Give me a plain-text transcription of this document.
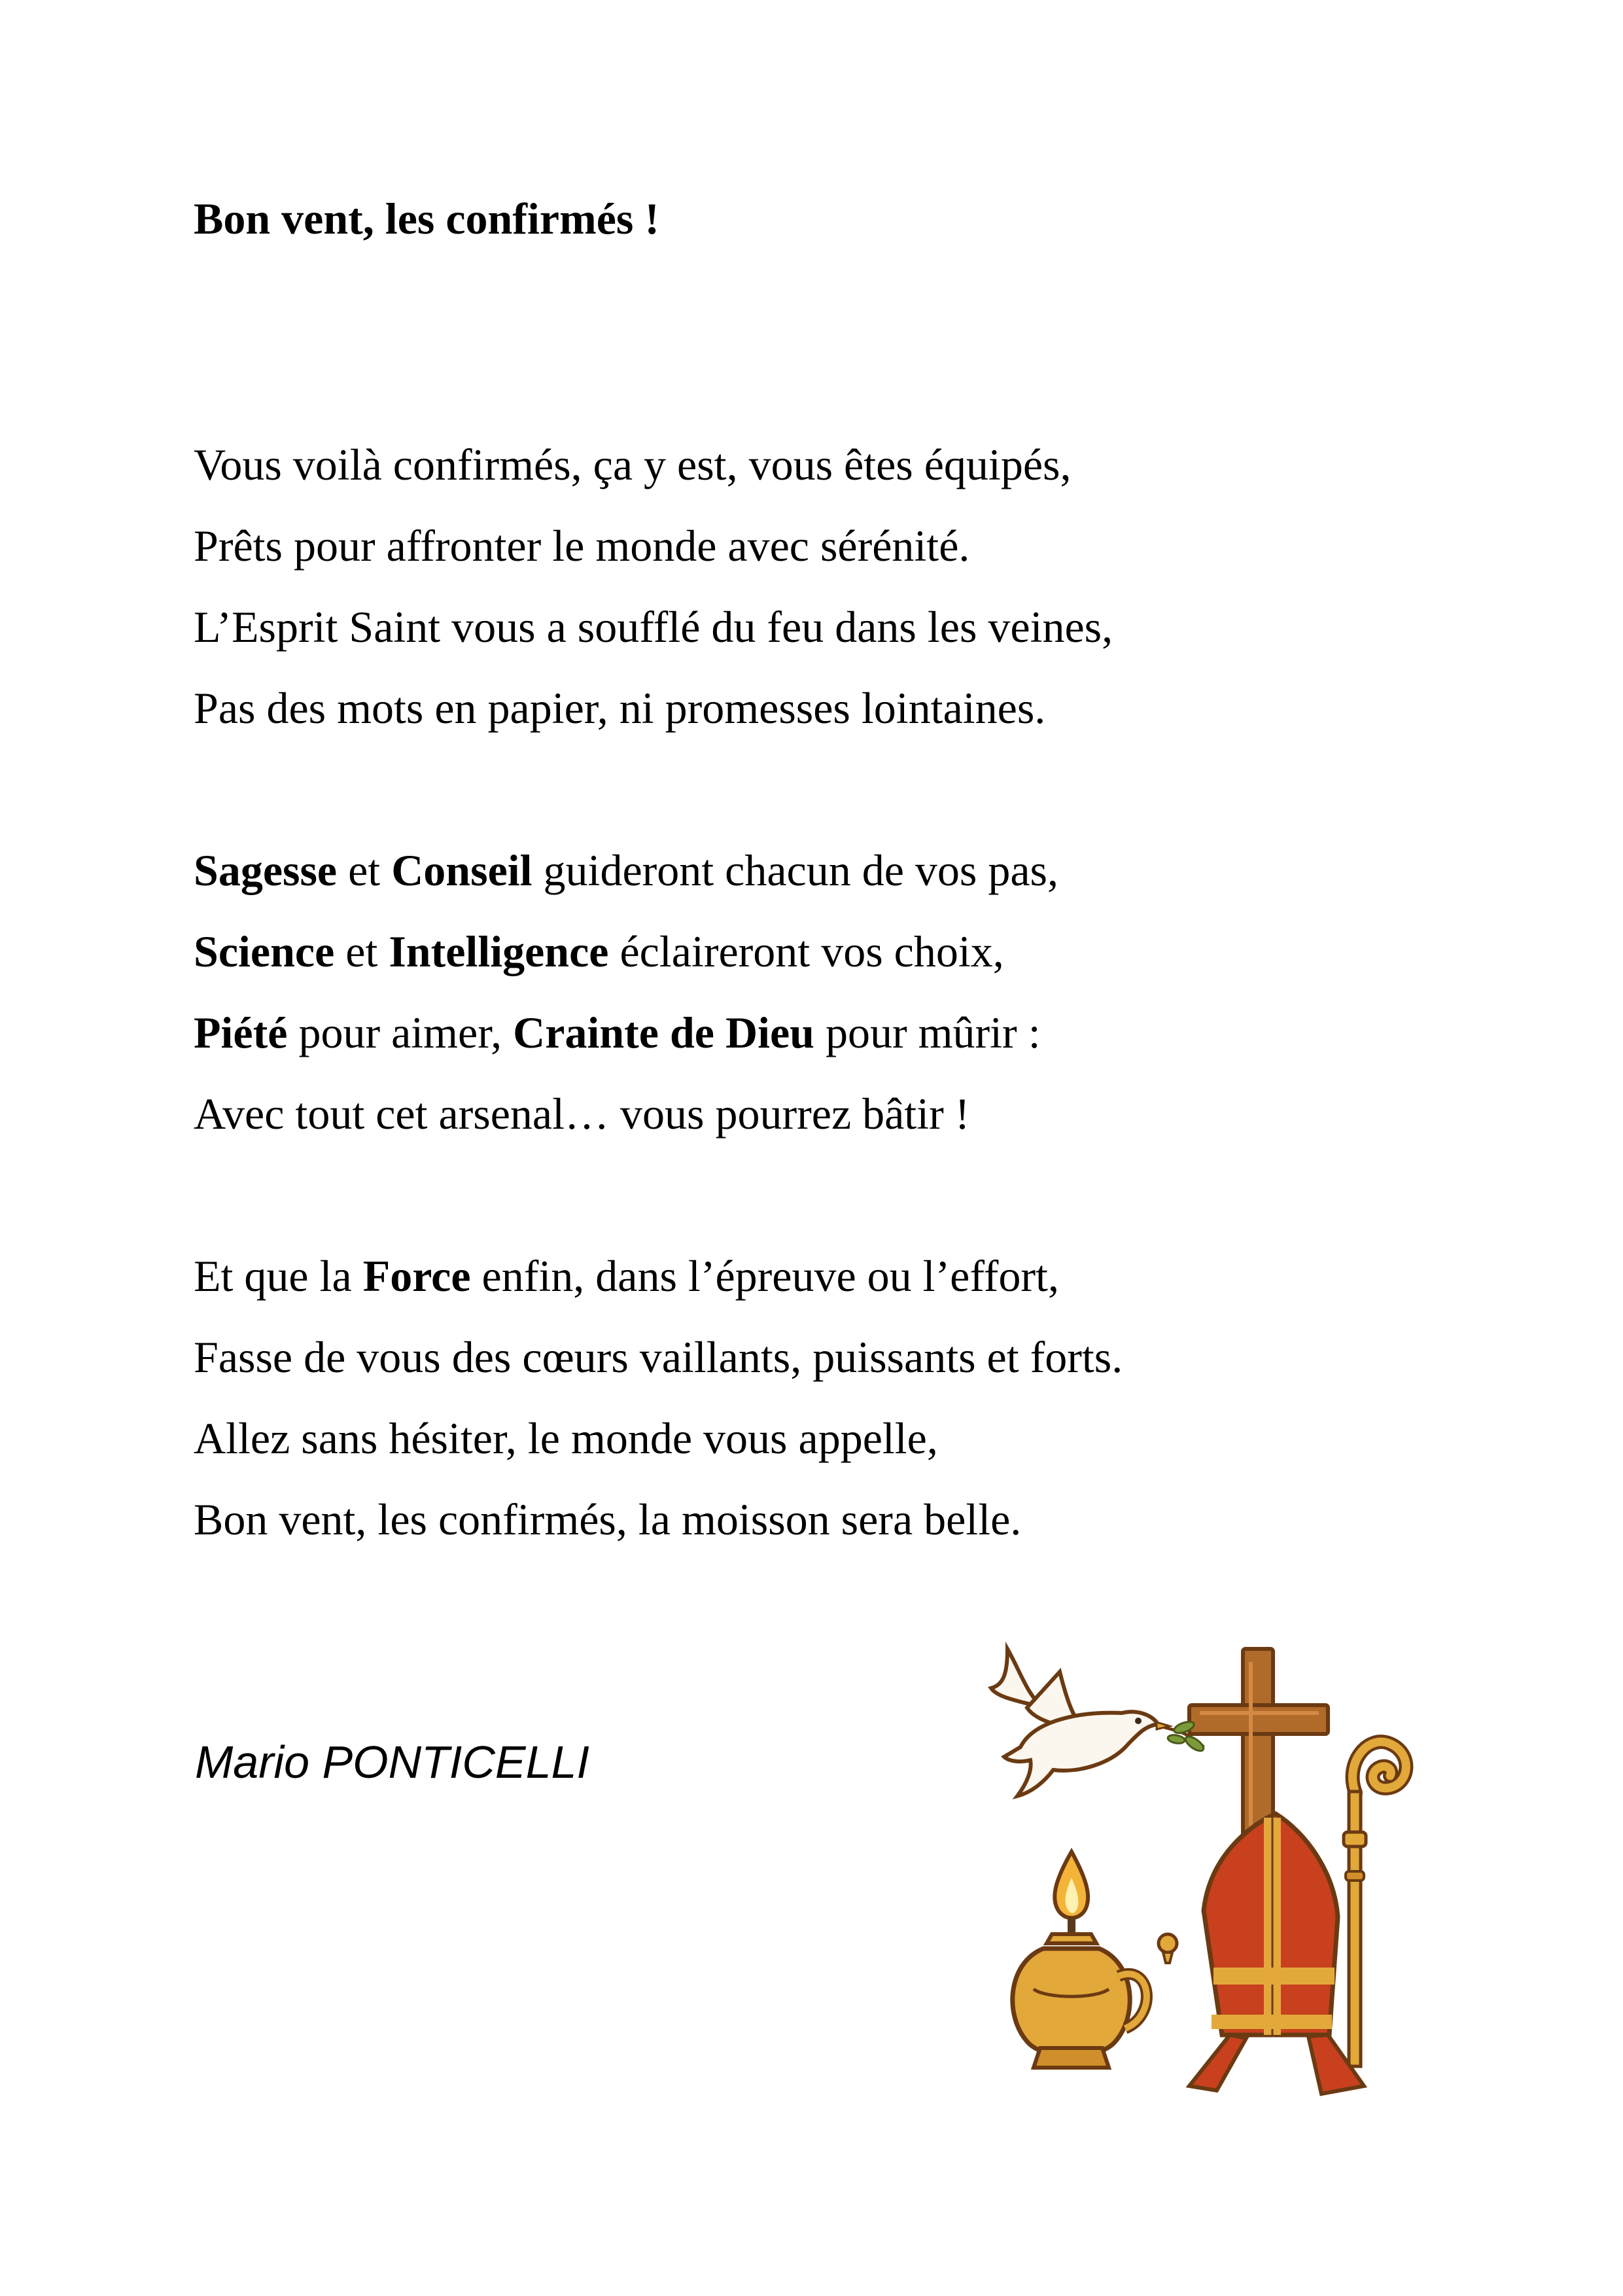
Bon vent, les confirmés !
Vous voilà confirmés, ça y est, vous êtes équipés,
Prêts pour affronter le monde avec sérénité.
L’Esprit Saint vous a soufflé du feu dans les veines,
Pas des mots en papier, ni promesses lointaines.
Sagesse et Conseil guideront chacun de vos pas,
Science et Intelligence éclaireront vos choix,
Piété pour aimer, Crainte de Dieu pour mûrir :
Avec tout cet arsenal… vous pourrez bâtir !
Et que la Force enfin, dans l’épreuve ou l’effort,
Fasse de vous des cœurs vaillants, puissants et forts.
Allez sans hésiter, le monde vous appelle,
Bon vent, les confirmés, la moisson sera belle.
Mario PONTICELLI
